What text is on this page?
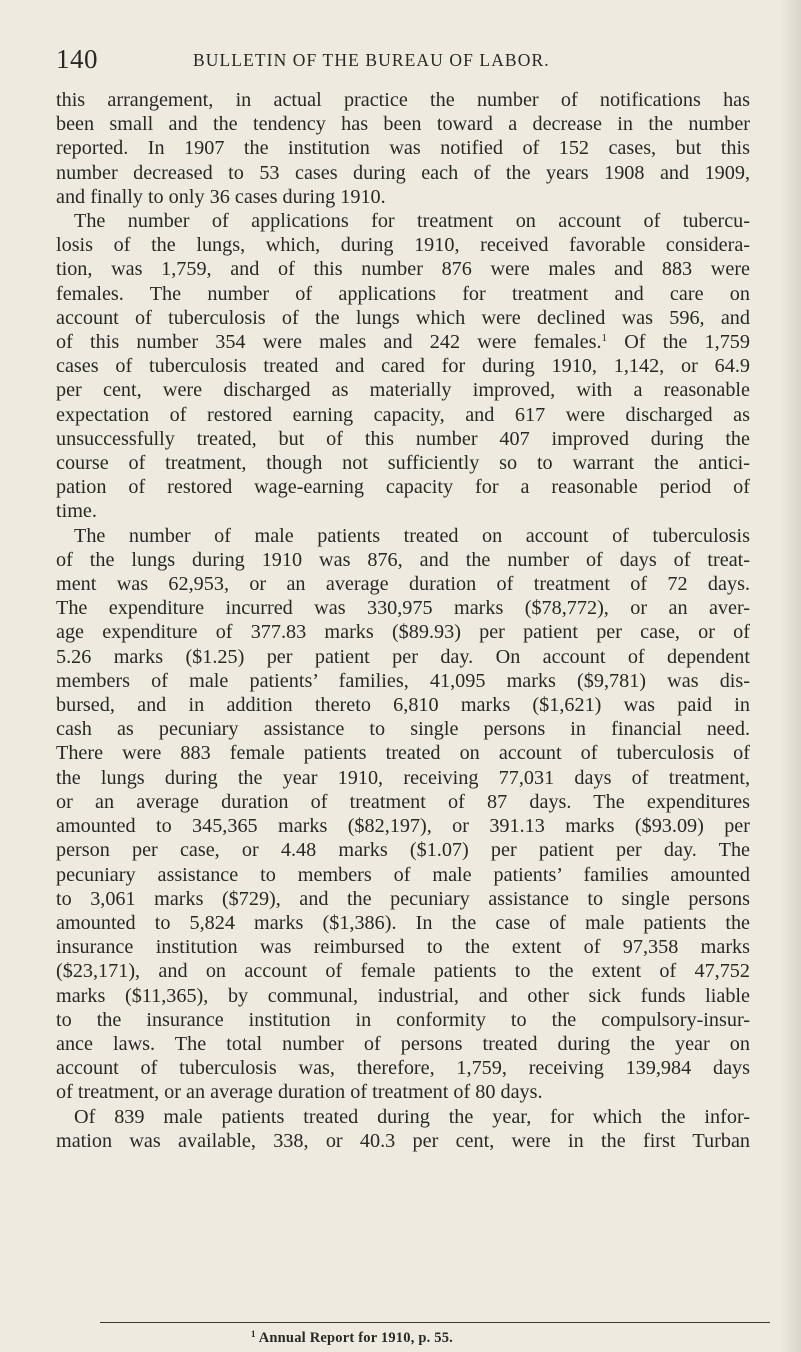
140	BULLETIN OF THE BUREAU OF LABOR.
this arrangement, in actual practice the number of notifications has
been small and the tendency has been toward a decrease in the number
reported. In 1907 the institution was notified of 152 cases, but this
number decreased to 53 cases during each of the years 1908 and 1909,
and finally to only 36 cases during 1910.
The number of applications for treatment on account of tubercu-
losis of the lungs, which, during 1910, received favorable considera-
tion, was 1,759, and of this number 876 were males and 883 were
females. The number of applications for treatment and care on
account of tuberculosis of the lungs which were declined was 596, and
of this number 354 were males and 242 were females.$^1$ Of the 1,759
cases of tuberculosis treated and cared for during 1910, 1,142, or 64.9
per cent, were discharged as materially improved, with a reasonable
expectation of restored earning capacity, and 617 were discharged as
unsuccessfully treated, but of this number 407 improved during the
course of treatment, though not sufficiently so to warrant the antici-
pation of restored wage-earning capacity for a reasonable period of
time.
The number of male patients treated on account of tuberculosis
of the lungs during 1910 was 876, and the number of days of treat-
ment was 62,953, or an average duration of treatment of 72 days.
The expenditure incurred was 330,975 marks ($78,772), or an aver-
age expenditure of 377.83 marks ($89.93) per patient per case, or of
5.26 marks ($1.25) per patient per day. On account of dependent
members of male patients’ families, 41,095 marks ($9,781) was dis-
bursed, and in addition thereto 6,810 marks ($1,621) was paid in
cash as pecuniary assistance to single persons in financial need.
There were 883 female patients treated on account of tuberculosis of
the lungs during the year 1910, receiving 77,031 days of treatment,
or an average duration of treatment of 87 days. The expenditures
amounted to 345,365 marks ($82,197), or 391.13 marks ($93.09) per
person per case, or 4.48 marks ($1.07) per patient per day. The
pecuniary assistance to members of male patients’ families amounted
to 3,061 marks ($729), and the pecuniary assistance to single persons
amounted to 5,824 marks ($1,386). In the case of male patients the
insurance institution was reimbursed to the extent of 97,358 marks
($23,171), and on account of female patients to the extent of 47,752
marks ($11,365), by communal, industrial, and other sick funds liable
to the insurance institution in conformity to the compulsory-insur-
ance laws. The total number of persons treated during the year on
account of tuberculosis was, therefore, 1,759, receiving 139,984 days
of treatment, or an average duration of treatment of 80 days.
Of 839 male patients treated during the year, for which the infor-
mation was available, 338, or 40.3 per cent, were in the first Turban
$^1$ Annual Report for 1910, p. 55.
